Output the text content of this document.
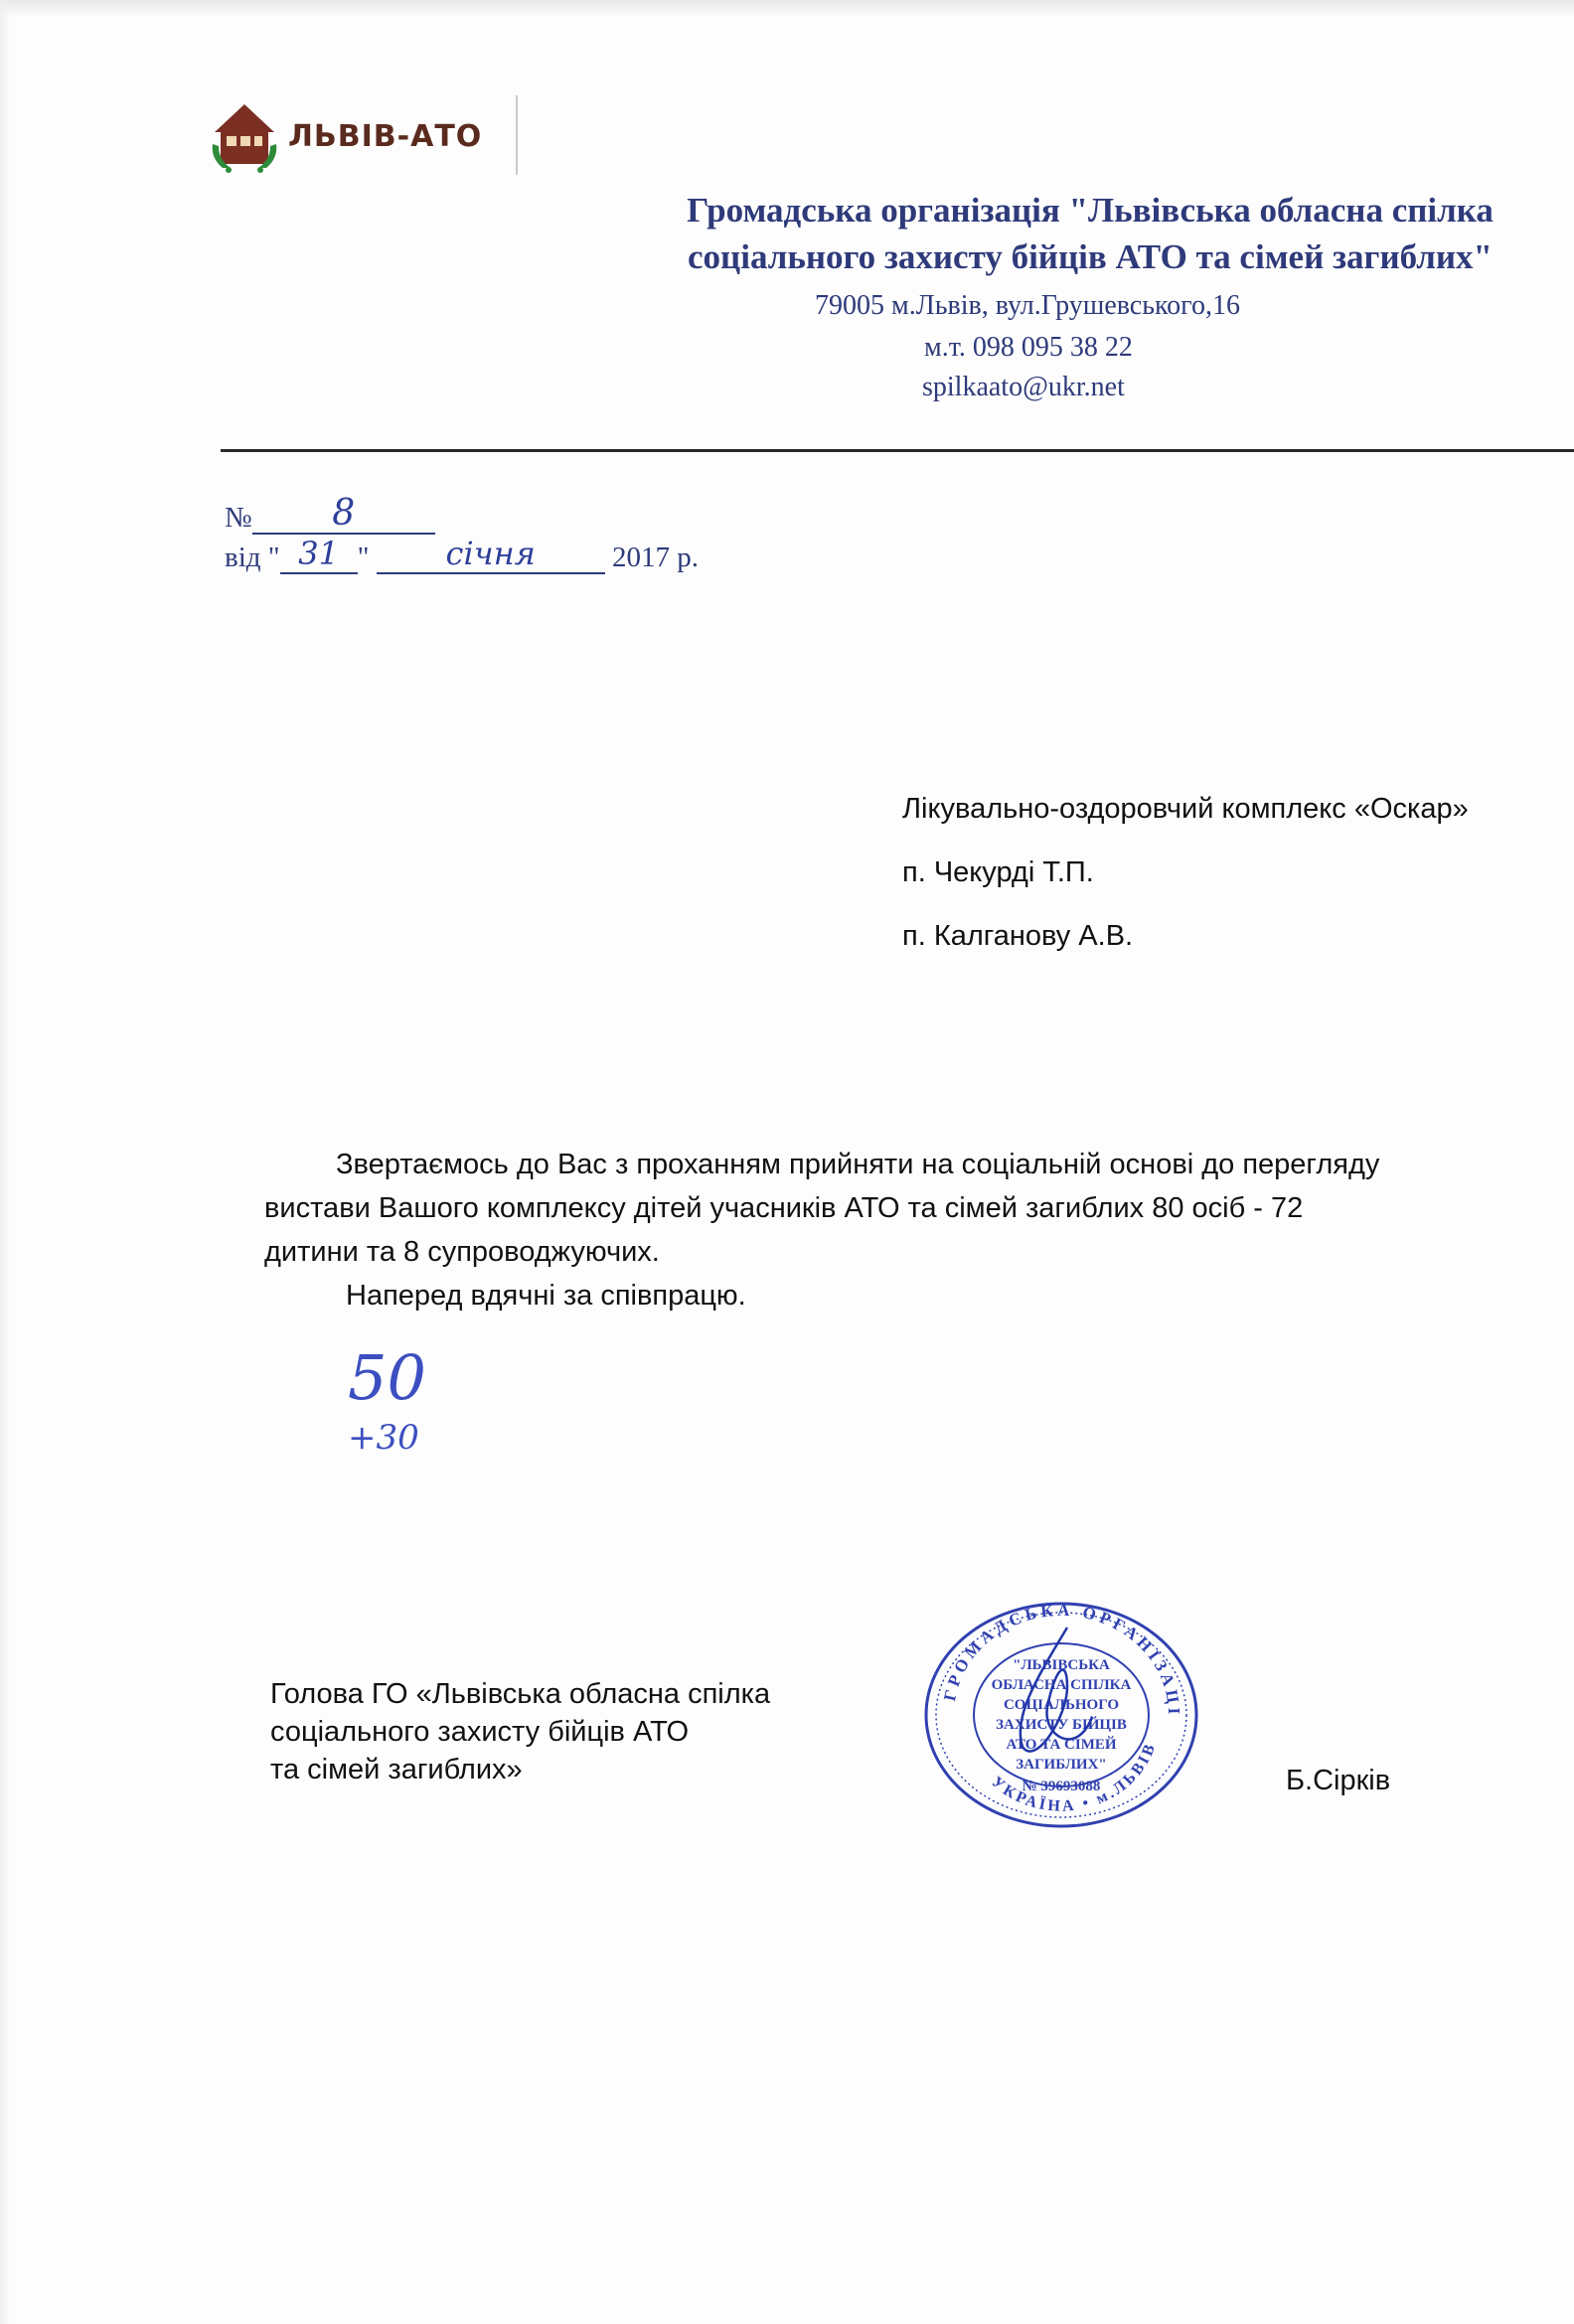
ЛЬВІВ-АТО
Громадська організація "Львівська обласна спілка
соціального захисту бійців АТО та сімей загиблих"
79005 м.Львів, вул.Грушевського,16
м.т. 098 095 38 22
spilkaato@ukr.net
№ 8
від " 31 " січня	2017 р.
Лікувально-оздоровчий комплекс «Оскар»
п. Чекурді Т.П.
п. Калганову А.В.
Звертаємось до Вас з проханням прийняти на соціальній основі до перегляду
вистави Вашого комплексу дітей учасників АТО та сімей загиблих 80 осіб - 72
дитини та 8 супроводжуючих.
Наперед вдячні за співпрацю.
50
+30
Голова ГО «Львівська обласна спілка
соціального захисту бійців АТО
та сімей загиблих»	Б.Сірків
ГРОМАДСЬКА ОРГАНІЗАЦІ
УКРАЇНА • м.ЛЬВІВ
"ЛЬВІВСЬКА
ОБЛАСНА СПІЛКА
СОЦІАЛЬНОГО
ЗАХИСТУ БІЙЦІВ
АТО ТА СІМЕЙ
ЗАГИБЛИХ"
№ 39693088
